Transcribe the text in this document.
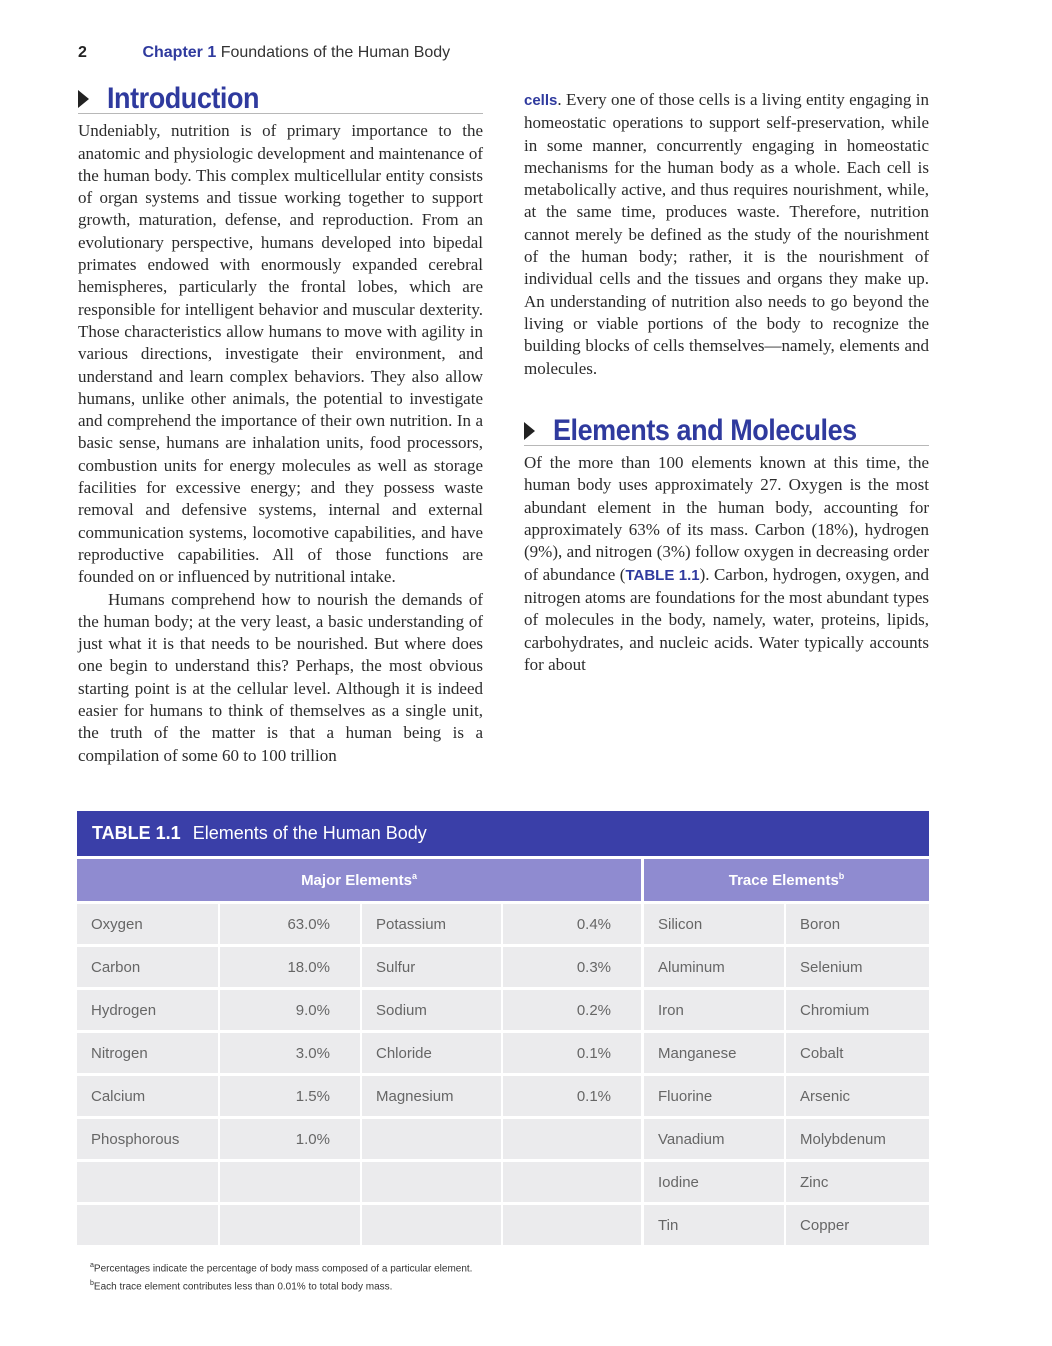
2	Chapter 1 Foundations of the Human Body
Introduction

Undeniably, nutrition is of primary importance to the anatomic and physiologic development and maintenance of the human body. This complex multicellular entity consists of organ systems and tissue working together to support growth, maturation, defense, and reproduction. From an evolutionary perspective, humans developed into bipedal primates endowed with enormously expanded cerebral hemispheres, particularly the frontal lobes, which are responsible for intelligent behavior and muscular dexterity. Those characteristics allow humans to move with agility in various directions, investigate their environment, and understand and learn complex behaviors. They also allow humans, unlike other animals, the potential to investigate and comprehend the importance of their own nutrition. In a basic sense, humans are inhalation units, food processors, combustion units for energy molecules as well as storage facilities for excessive energy; and they possess waste removal and defensive systems, internal and external communication systems, locomotive capabilities, and have reproductive capabilities. All of those functions are founded on or influenced by nutritional intake.

Humans comprehend how to nourish the demands of the human body; at the very least, a basic understanding of just what it is that needs to be nourished. But where does one begin to understand this? Perhaps, the most obvious starting point is at the cellular level. Although it is indeed easier for humans to think of themselves as a single unit, the truth of the matter is that a human being is a compilation of some 60 to 100 trillion

cells. Every one of those cells is a living entity engaging in homeostatic operations to support self-preservation, while in some manner, concurrently engaging in homeostatic mechanisms for the human body as a whole. Each cell is metabolically active, and thus requires nourishment, while, at the same time, produces waste. Therefore, nutrition cannot merely be defined as the study of the nourishment of the human body; rather, it is the nourishment of individual cells and the tissues and organs they make up. An understanding of nutrition also needs to go beyond the living or viable portions of the body to recognize the building blocks of cells themselves—namely, elements and molecules.

Elements and Molecules

Of the more than 100 elements known at this time, the human body uses approximately 27. Oxygen is the most abundant element in the human body, accounting for approximately 63% of its mass. Carbon (18%), hydrogen (9%), and nitrogen (3%) follow oxygen in decreasing order of abundance (TABLE 1.1). Carbon, hydrogen, oxygen, and nitrogen atoms are foundations for the most abundant types of molecules in the body, namely, water, proteins, lipids, carbohydrates, and nucleic acids. Water typically accounts for about

TABLE 1.1 Elements of the Human Body
Major Elements$^a$				Trace Elements$^b$
Oxygen	63.0%	Potassium	0.4%	Silicon	Boron
Carbon	18.0%	Sulfur	0.3%	Aluminum	Selenium
Hydrogen	9.0%	Sodium	0.2%	Iron	Chromium
Nitrogen	3.0%	Chloride	0.1%	Manganese	Cobalt
Calcium	1.5%	Magnesium	0.1%	Fluorine	Arsenic
Phosphorous	1.0%			Vanadium	Molybdenum
				Iodine	Zinc
				Tin	Copper
$^a$Percentages indicate the percentage of body mass composed of a particular element.
$^b$Each trace element contributes less than 0.01% to total body mass.
